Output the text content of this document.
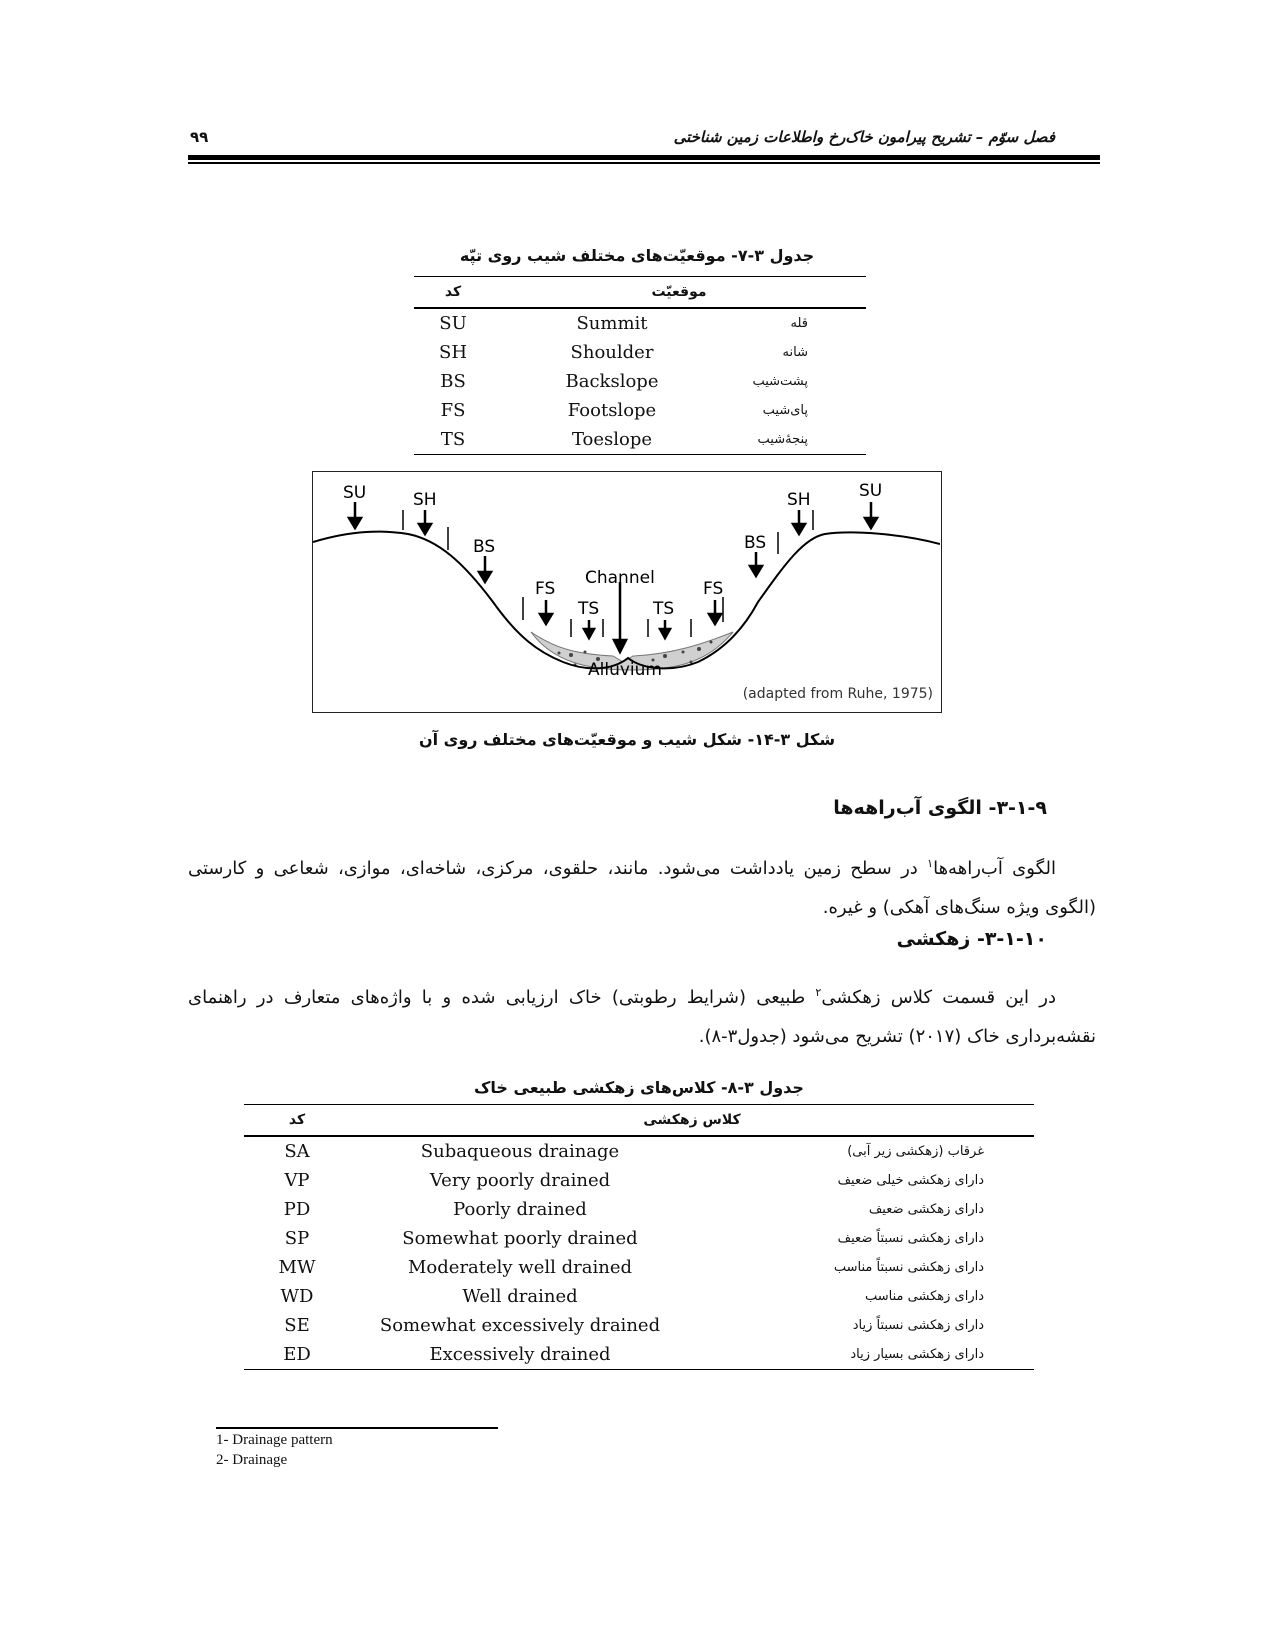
فصل سوّم – تشریح پیرامون خاک‌رخ واطلاعات زمین شناختی
۹۹
جدول ۳-۷- موقعیّت‌های مختلف شیب روی تپّه
کد	موقعیّت	
SU	Summit	قله
SH	Shoulder	شانه
BS	Backslope	پشت‌شیب
FS	Footslope	پای‌شیب
TS	Toeslope	پنجهٔ‌شیب
SU	SH
BS
FS
TS
Channel
TS
FS
BS
SH	SU
Alluvium
(adapted from Ruhe, 1975)
شکل ۳-۱۴- شکل شیب و موقعیّت‌های مختلف روی آن
۳-۱-۹- الگوی آب‌راهه‌ها
الگوی آب‌راهه‌ها$^۱$ در سطح زمین یادداشت می‌شود. مانند، حلقوی، مرکزی، شاخه‌ای، موازی، شعاعی و کارستی (الگوی ویژه سنگ‌های آهکی) و غیره.
۳-۱-۱۰- زهکشی
در این قسمت کلاس زهکشی$^۲$ طبیعی (شرایط رطوبتی) خاک ارزیابی شده و با واژه‌های متعارف در راهنمای نقشه‌برداری خاک (۲۰۱۷) تشریح می‌شود (جدول۳-۸).
جدول ۳-۸- کلاس‌های زهکشی طبیعی خاک
کد	کلاس زهکشی	
SA	Subaqueous drainage	غرقاب (زهکشی زیر آبی)
VP	Very poorly drained	دارای زهکشی خیلی ضعیف
PD	Poorly drained	دارای زهکشی ضعیف
SP	Somewhat poorly drained	دارای زهکشی نسبتاً ضعیف
MW	Moderately well drained	دارای زهکشی نسبتاً مناسب
WD	Well drained	دارای زهکشی مناسب
SE	Somewhat excessively drained	دارای زهکشی نسبتاً زیاد
ED	Excessively drained	دارای زهکشی بسیار زیاد
1- Drainage pattern
2- Drainage
